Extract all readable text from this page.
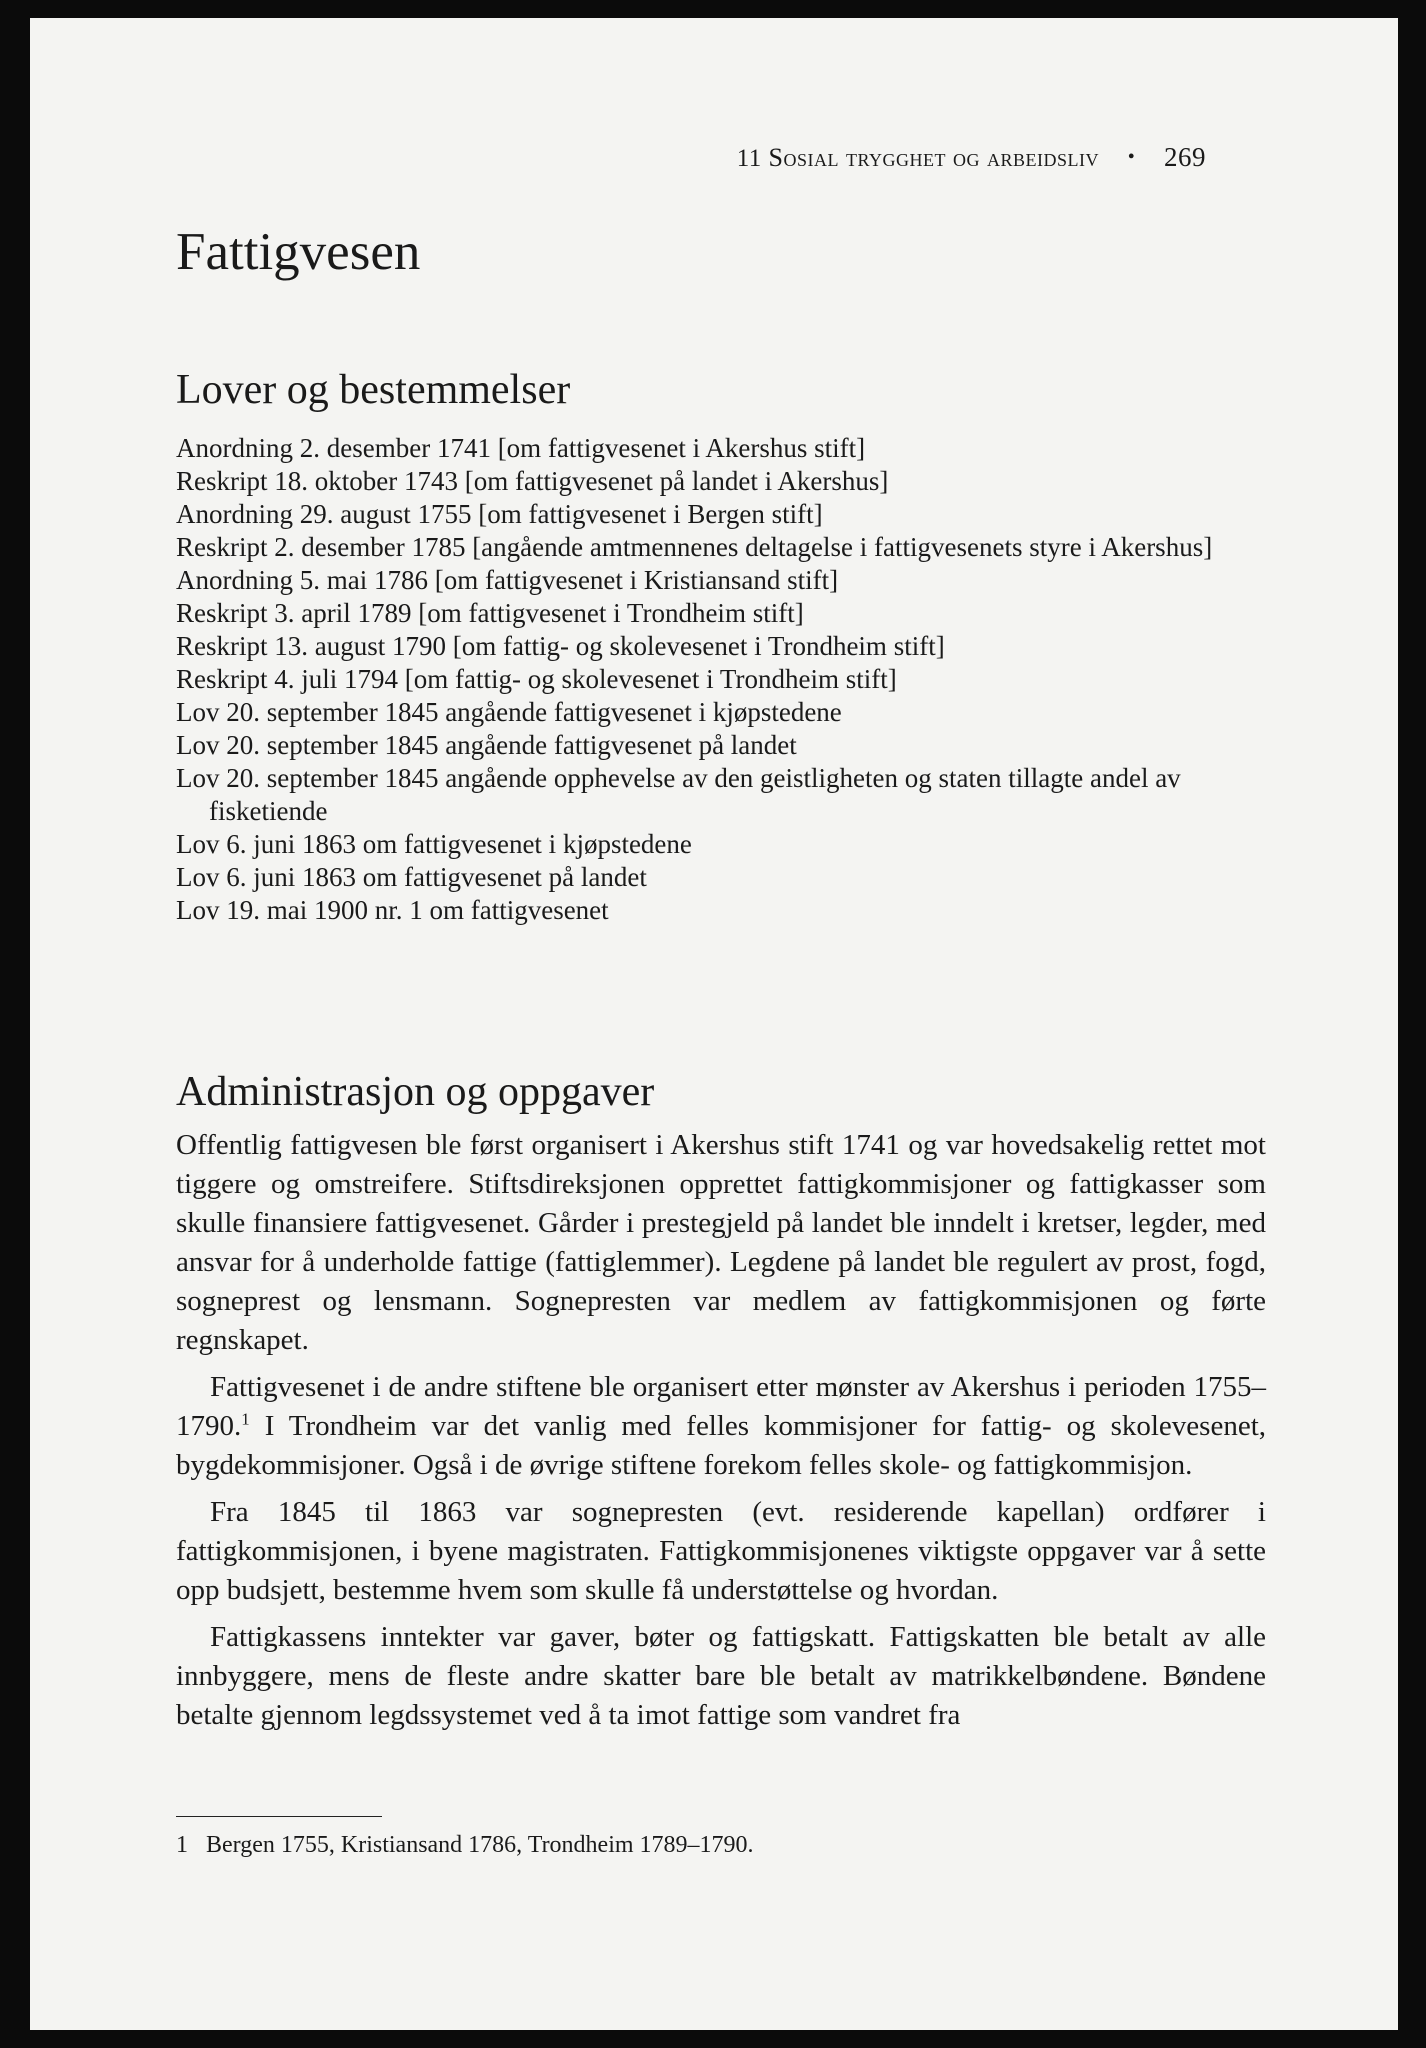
11 Sosial trygghet og arbeidsliv • 269
Fattigvesen
Lover og bestemmelser
Anordning 2. desember 1741 [om fattigvesenet i Akershus stift]
Reskript 18. oktober 1743 [om fattigvesenet på landet i Akershus]
Anordning 29. august 1755 [om fattigvesenet i Bergen stift]
Reskript 2. desember 1785 [angående amtmennenes deltagelse i fattigvesenets styre i Akershus]
Anordning 5. mai 1786 [om fattigvesenet i Kristiansand stift]
Reskript 3. april 1789 [om fattigvesenet i Trondheim stift]
Reskript 13. august 1790 [om fattig- og skolevesenet i Trondheim stift]
Reskript 4. juli 1794 [om fattig- og skolevesenet i Trondheim stift]
Lov 20. september 1845 angående fattigvesenet i kjøpstedene
Lov 20. september 1845 angående fattigvesenet på landet
Lov 20. september 1845 angående opphevelse av den geistligheten og staten tillagte andel av fisketiende
Lov 6. juni 1863 om fattigvesenet i kjøpstedene
Lov 6. juni 1863 om fattigvesenet på landet
Lov 19. mai 1900 nr. 1 om fattigvesenet
Administrasjon og oppgaver

Offentlig fattigvesen ble først organisert i Akershus stift 1741 og var hovedsakelig rettet mot tiggere og omstreifere. Stiftsdireksjonen opprettet fattigkommisjoner og fattigkasser som skulle finansiere fattigvesenet. Gårder i prestegjeld på landet ble inndelt i kretser, legder, med ansvar for å underholde fattige (fattiglemmer). Legdene på landet ble regulert av prost, fogd, sogneprest og lensmann. Sognepresten var medlem av fattigkommisjonen og førte regnskapet.

Fattigvesenet i de andre stiftene ble organisert etter mønster av Akershus i perioden 1755–1790.$^1$ I Trondheim var det vanlig med felles kommisjoner for fattig- og skolevesenet, bygdekommisjoner. Også i de øvrige stiftene forekom felles skole- og fattigkommisjon.

Fra 1845 til 1863 var sognepresten (evt. residerende kapellan) ordfører i fattigkommisjonen, i byene magistraten. Fattigkommisjonenes viktigste oppgaver var å sette opp budsjett, bestemme hvem som skulle få understøttelse og hvordan.

Fattigkassens inntekter var gaver, bøter og fattigskatt. Fattigskatten ble betalt av alle innbyggere, mens de fleste andre skatter bare ble betalt av matrikkelbøndene. Bøndene betalte gjennom legdssystemet ved å ta imot fattige som vandret fra

1 Bergen 1755, Kristiansand 1786, Trondheim 1789–1790.
